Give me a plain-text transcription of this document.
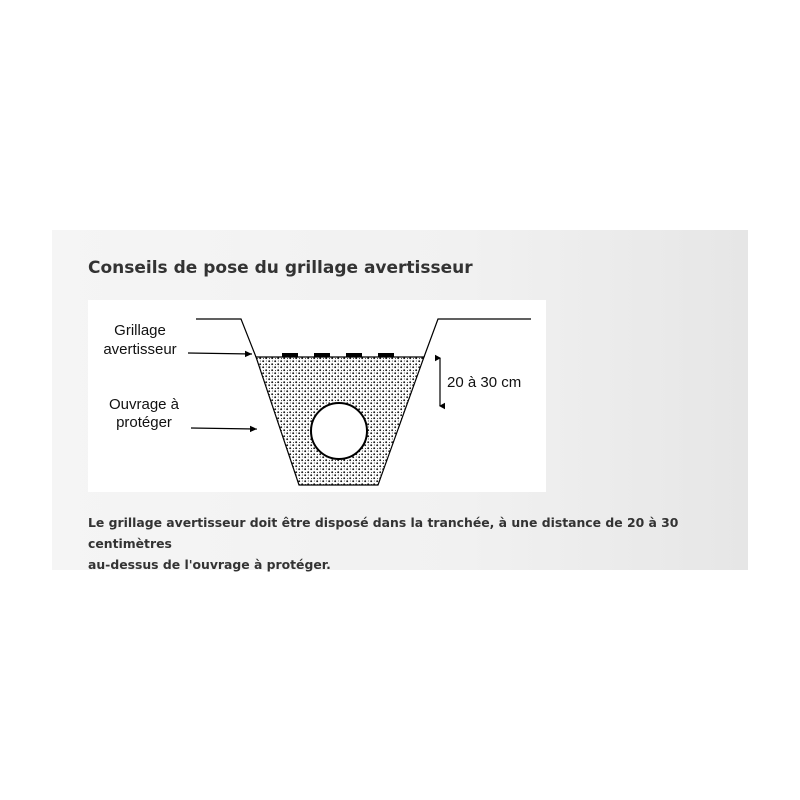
Conseils de pose du grillage avertisseur
Grillage
avertisseur
Ouvrage à
protéger
20 à 30 cm

Le grillage avertisseur doit être disposé dans la tranchée, à une distance de 20 à 30 centimètres
au-dessus de l'ouvrage à protéger.
